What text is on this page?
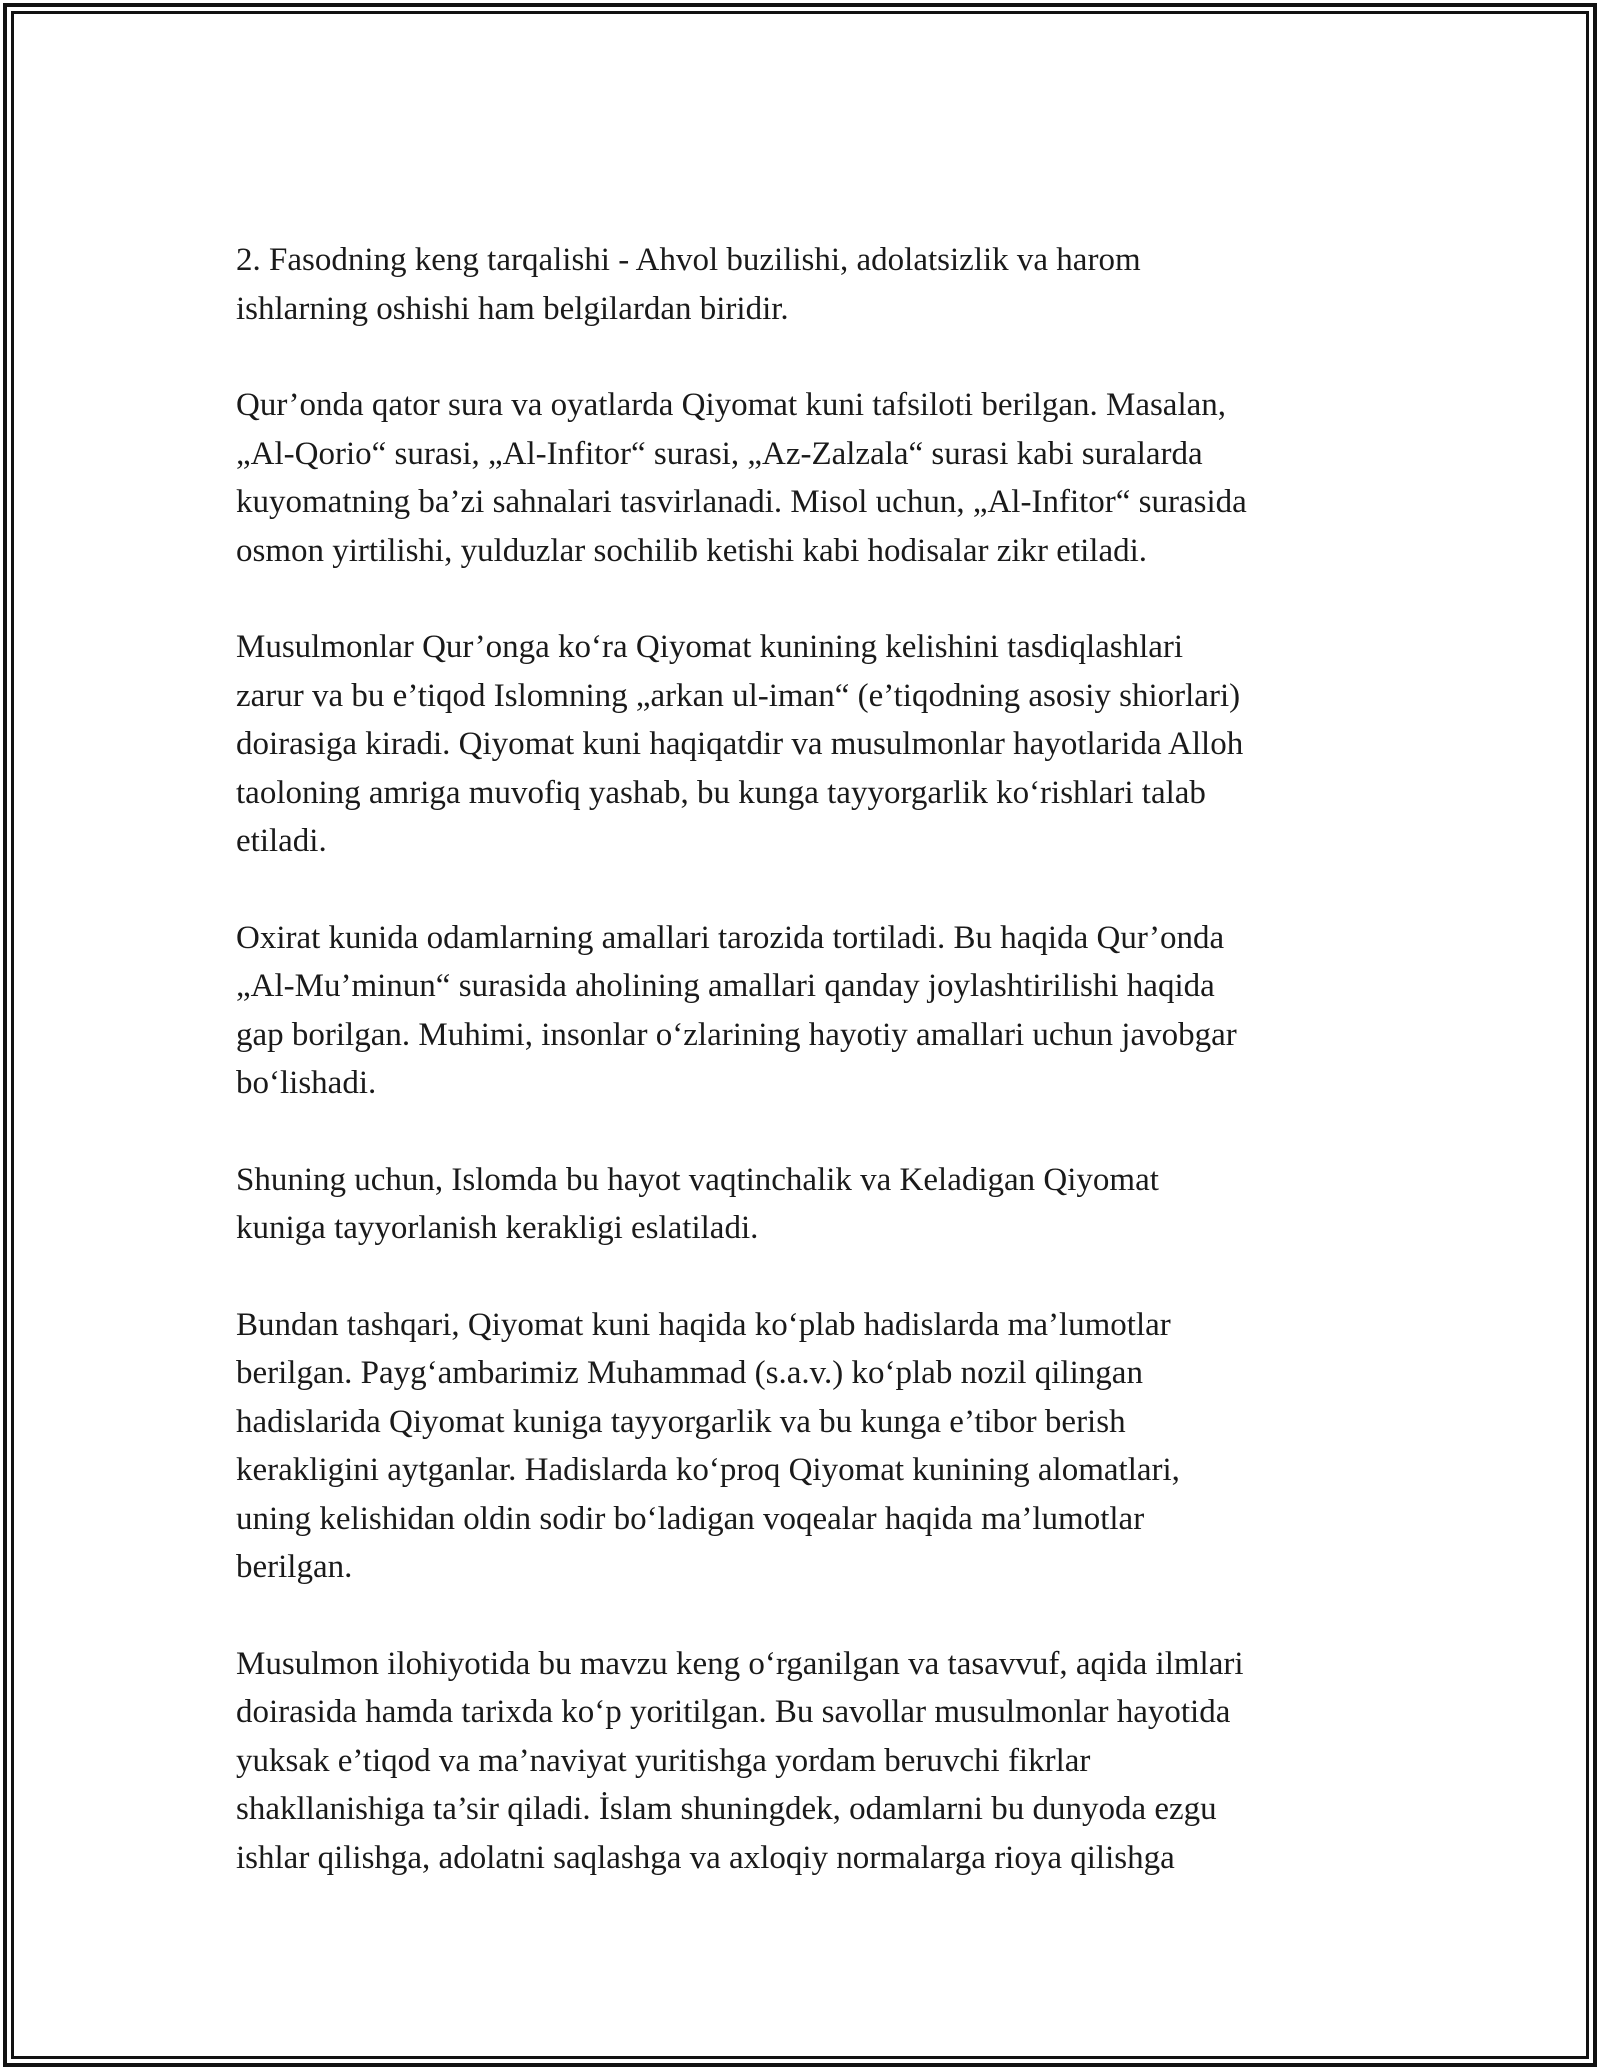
2. Fasodning keng tarqalishi - Ahvol buzilishi, adolatsizlik va harom
ishlarning oshishi ham belgilardan biridir.

Qur’onda qator sura va oyatlarda Qiyomat kuni tafsiloti berilgan. Masalan,
„Al-Qorio“ surasi, „Al-Infitor“ surasi, „Az-Zalzala“ surasi kabi suralarda
kuyomatning ba’zi sahnalari tasvirlanadi. Misol uchun, „Al-Infitor“ surasida
osmon yirtilishi, yulduzlar sochilib ketishi kabi hodisalar zikr etiladi.

Musulmonlar Qur’onga ko‘ra Qiyomat kunining kelishini tasdiqlashlari
zarur va bu e’tiqod Islomning „arkan ul-iman“ (e’tiqodning asosiy shiorlari)
doirasiga kiradi. Qiyomat kuni haqiqatdir va musulmonlar hayotlarida Alloh
taoloning amriga muvofiq yashab, bu kunga tayyorgarlik ko‘rishlari talab
etiladi.

Oxirat kunida odamlarning amallari tarozida tortiladi. Bu haqida Qur’onda
„Al-Mu’minun“ surasida aholining amallari qanday joylashtirilishi haqida
gap borilgan. Muhimi, insonlar o‘zlarining hayotiy amallari uchun javobgar
bo‘lishadi.

Shuning uchun, Islomda bu hayot vaqtinchalik va Keladigan Qiyomat
kuniga tayyorlanish kerakligi eslatiladi.

Bundan tashqari, Qiyomat kuni haqida ko‘plab hadislarda ma’lumotlar
berilgan. Payg‘ambarimiz Muhammad (s.a.v.) ko‘plab nozil qilingan
hadislarida Qiyomat kuniga tayyorgarlik va bu kunga e’tibor berish
kerakligini aytganlar. Hadislarda ko‘proq Qiyomat kunining alomatlari,
uning kelishidan oldin sodir bo‘ladigan voqealar haqida ma’lumotlar
berilgan.

Musulmon ilohiyotida bu mavzu keng o‘rganilgan va tasavvuf, aqida ilmlari
doirasida hamda tarixda ko‘p yoritilgan. Bu savollar musulmonlar hayotida
yuksak e’tiqod va ma’naviyat yuritishga yordam beruvchi fikrlar
shakllanishiga ta’sir qiladi. İslam shuningdek, odamlarni bu dunyoda ezgu
ishlar qilishga, adolatni saqlashga va axloqiy normalarga rioya qilishga
